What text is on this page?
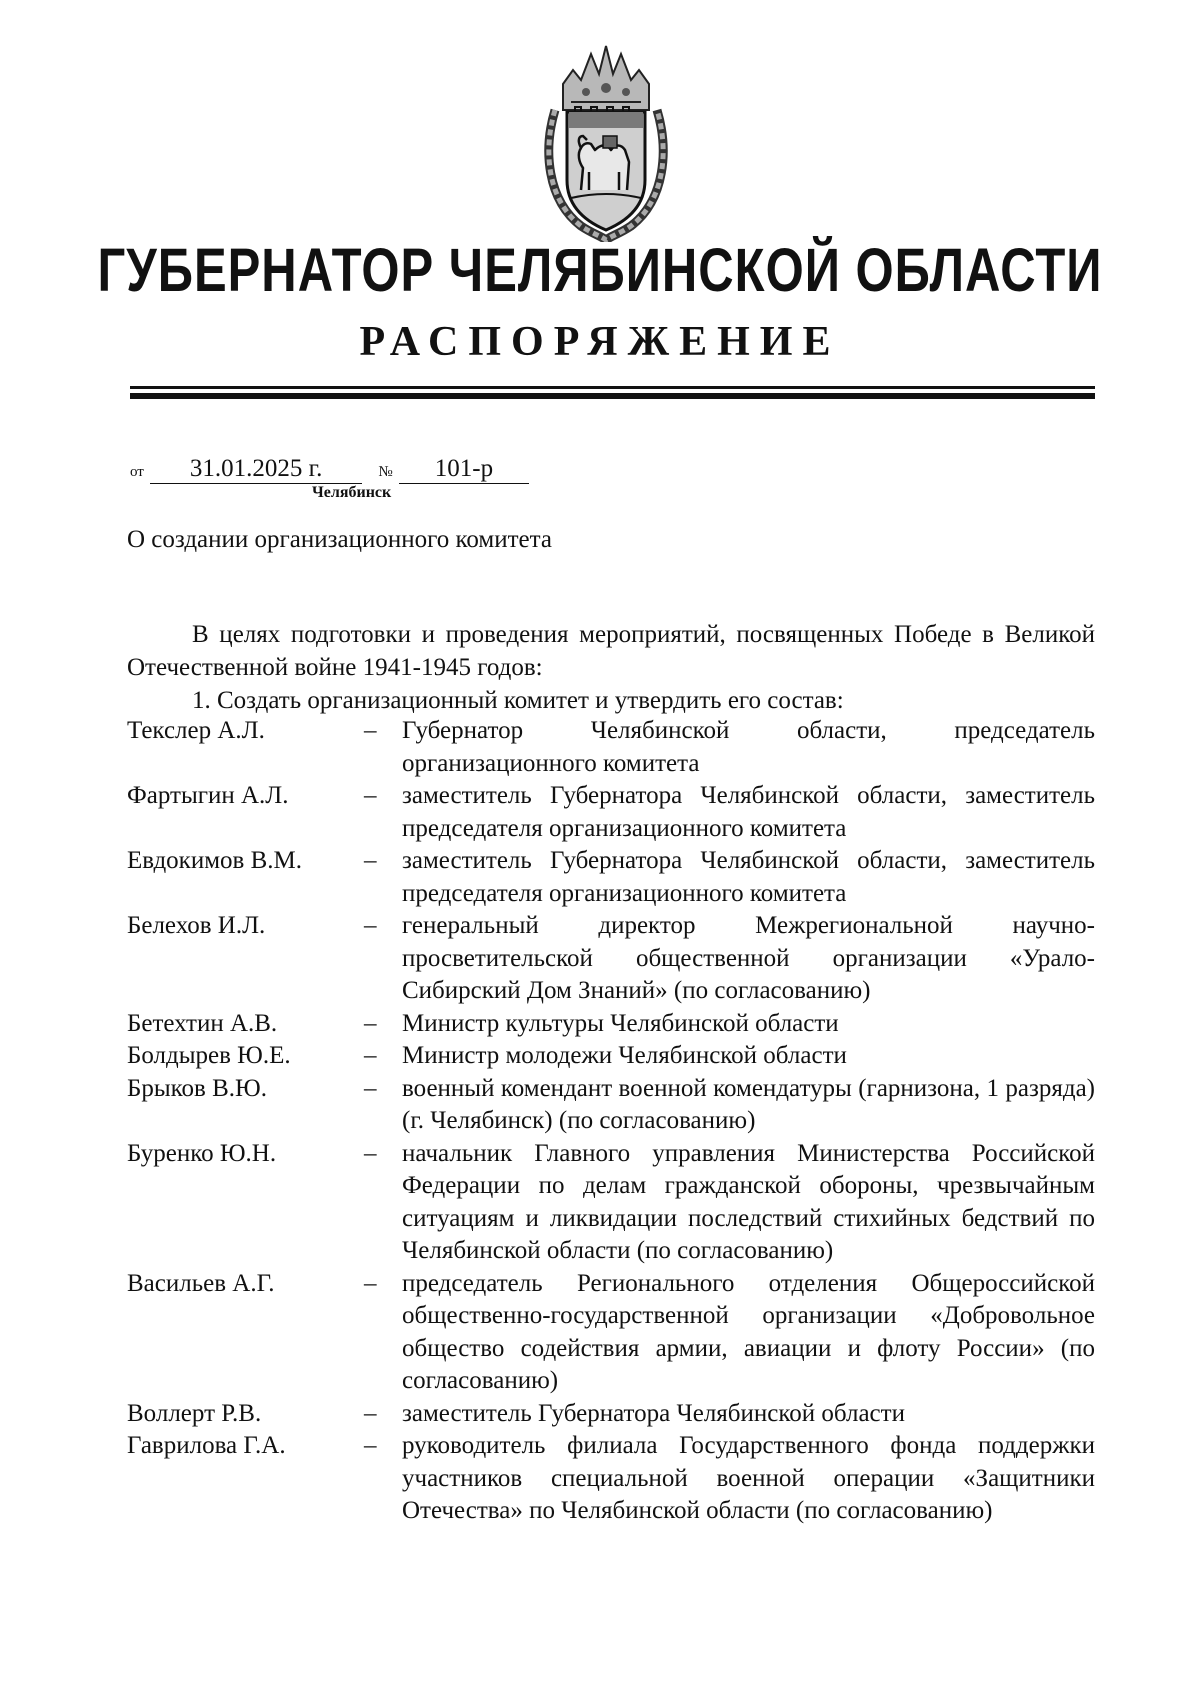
ГУБЕРНАТОР ЧЕЛЯБИНСКОЙ ОБЛАСТИ
РАСПОРЯЖЕНИЕ
от 31.01.2025 г.	№ 101-р
Челябинск
О создании организационного комитета
В целях подготовки и проведения мероприятий, посвященных Победе в Великой Отечественной войне 1941-1945 годов:
1. Создать организационный комитет и утвердить его состав:
Текслер А.Л.	–	Губернатор Челябинской области, председатель организационного комитета
Фартыгин А.Л.	–	заместитель Губернатора Челябинской области, заместитель председателя организационного комитета
Евдокимов В.М.	–	заместитель Губернатора Челябинской области, заместитель председателя организационного комитета
Белехов И.Л.	–	генеральный директор Межрегиональной научно-просветительской общественной организации «Урало-Сибирский Дом Знаний» (по согласованию)
Бетехтин А.В.	–	Министр культуры Челябинской области
Болдырев Ю.Е.	–	Министр молодежи Челябинской области
Брыков В.Ю.	–	военный комендант военной комендатуры (гарнизона, 1 разряда) (г. Челябинск) (по согласованию)
Буренко Ю.Н.	–	начальник Главного управления Министерства Российской Федерации по делам гражданской обороны, чрезвычайным ситуациям и ликвидации последствий стихийных бедствий по Челябинской области (по согласованию)
Васильев А.Г.	–	председатель Регионального отделения Общероссийской общественно-государственной организации «Добровольное общество содействия армии, авиации и флоту России» (по согласованию)
Воллерт Р.В.	–	заместитель Губернатора Челябинской области
Гаврилова Г.А.	–	руководитель филиала Государственного фонда поддержки участников специальной военной операции «Защитники Отечества» по Челябинской области (по согласованию)
